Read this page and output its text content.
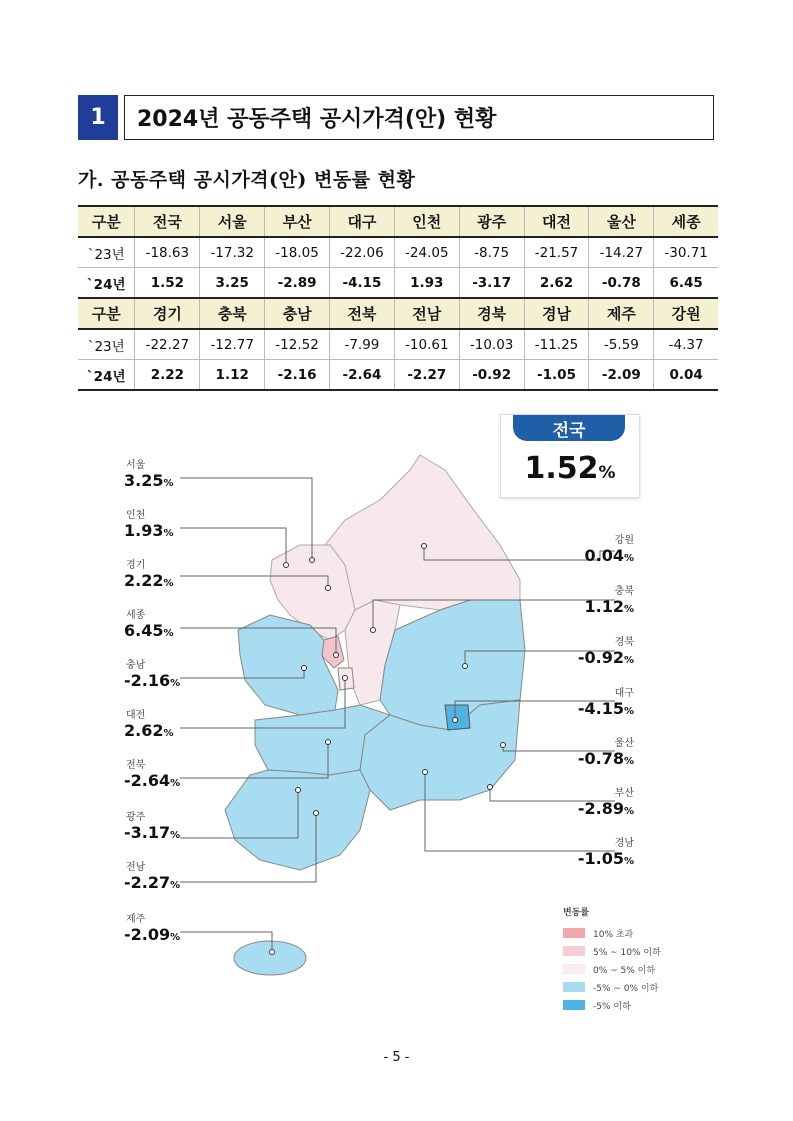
1	2024년 공동주택 공시가격(안) 현황
가. 공동주택 공시가격(안) 변동률 현황
구분	전국	서울	부산	대구	인천	광주	대전	울산	세종
`23년	-18.63	-17.32	-18.05	-22.06	-24.05	-8.75	-21.57	-14.27	-30.71
`24년	1.52	3.25	-2.89	-4.15	1.93	-3.17	2.62	-0.78	6.45
구분	경기	충북	충남	전북	전남	경북	경남	제주	강원
`23년	-22.27	-12.77	-12.52	-7.99	-10.61	-10.03	-11.25	-5.59	-4.37
`24년	2.22	1.12	-2.16	-2.64	-2.27	-0.92	-1.05	-2.09	0.04
서울
3.25%
인천
1.93%
경기
2.22%
세종
6.45%
충남
-2.16%
대전
2.62%
전북
-2.64%
광주
-3.17%
전남
-2.27%
제주
-2.09%
강원
0.04%
충북
1.12%
경북
-0.92%
대구
-4.15%
울산
-0.78%
부산
-2.89%
경남
-1.05%
전국
1.52%
변동률
10% 초과
5% ~ 10% 이하
0% ~ 5% 이하
-5% ~ 0% 이하
-5% 이하
- 5 -
